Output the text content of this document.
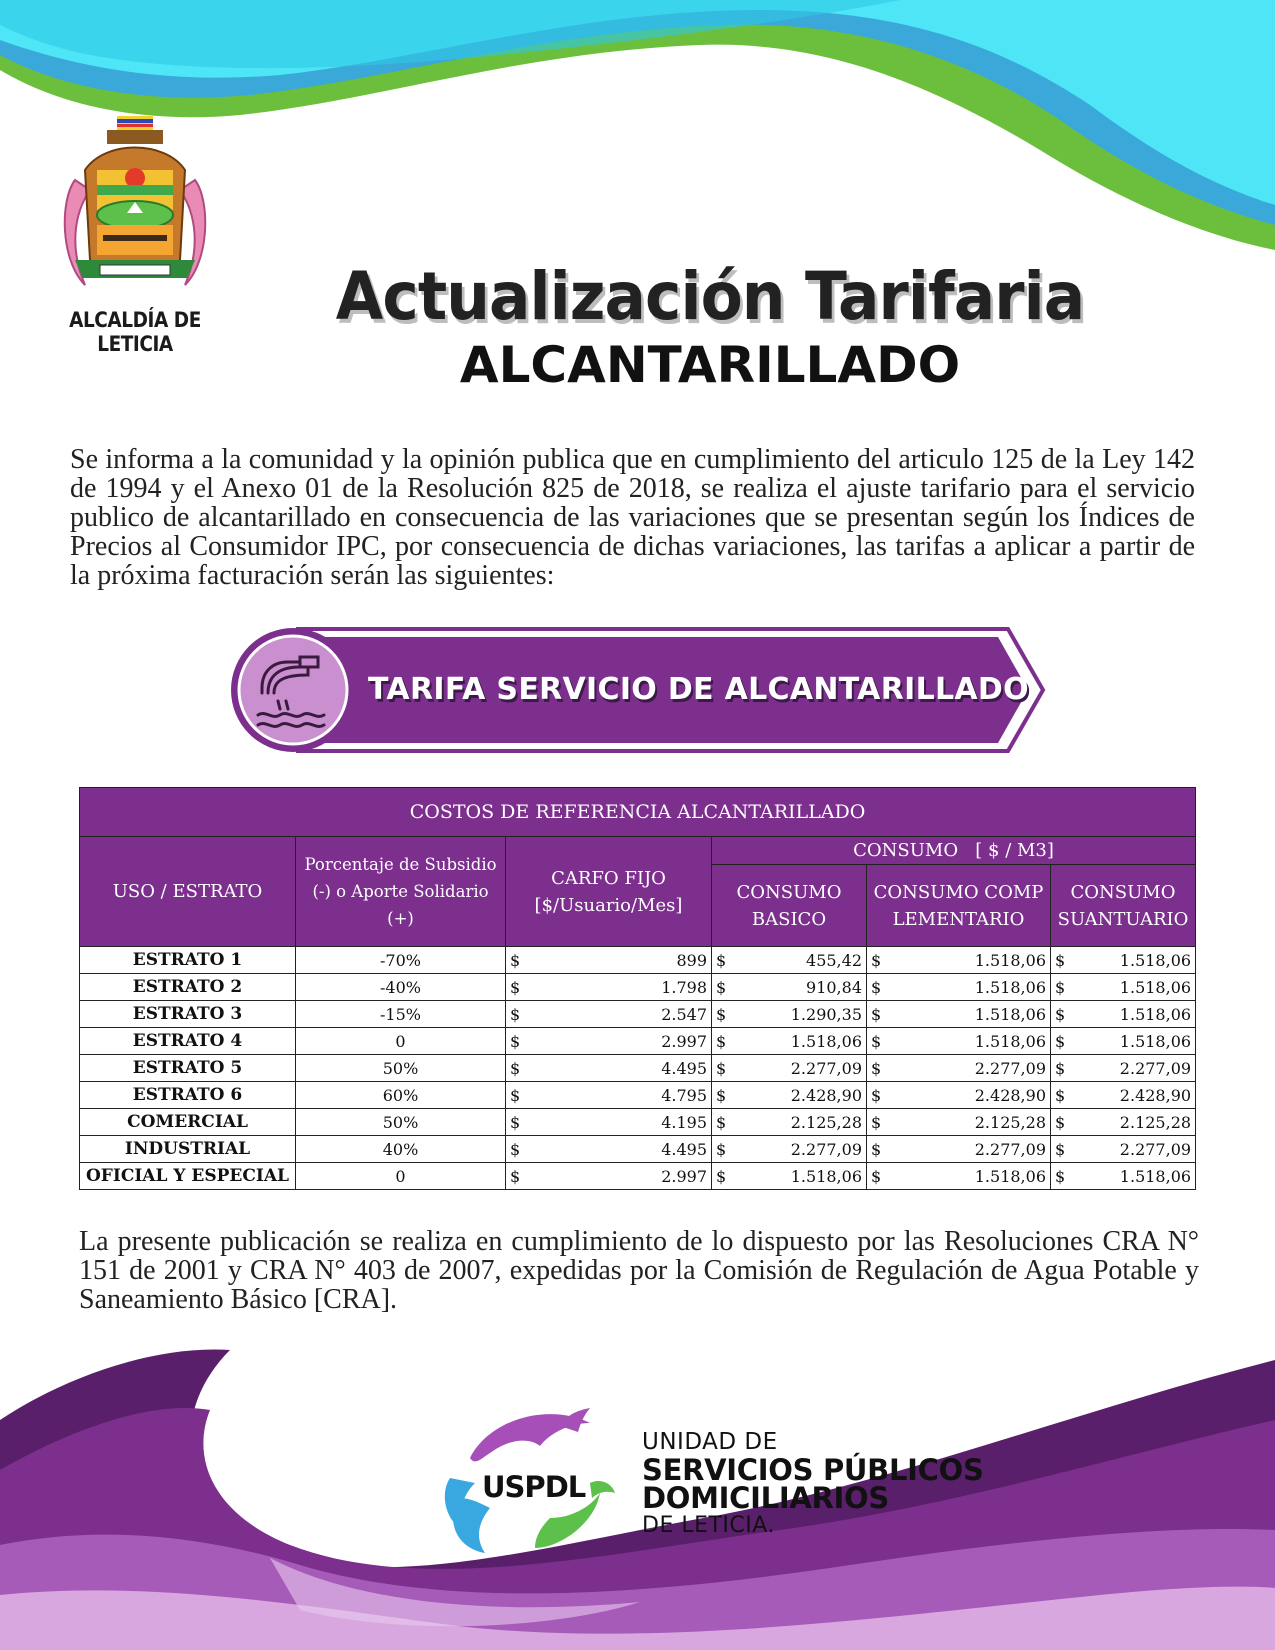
ALCALDÍA DE LETICIA
Actualización Tarifaria
ALCANTARILLADO
Se informa a la comunidad y la opinión publica que en cumplimiento del articulo 125 de la Ley 142 de 1994 y el Anexo 01 de la Resolución 825 de 2018, se realiza el ajuste tarifario para el servicio publico de alcantarillado en consecuencia de las variaciones que se presentan según los Índices de Precios al Consumidor IPC, por consecuencia de dichas variaciones, las tarifas a aplicar a partir de la próxima facturación serán las siguientes:
TARIFA SERVICIO DE ALCANTARILLADO
COSTOS DE REFERENCIA ALCANTARILLADO					
USO / ESTRATO	Porcentaje de Subsidio (-) o Aporte Solidario (+)	CARFO FIJO [$/Usuario/Mes]	CONSUMO   [ $ / M3]		
			CONSUMO BASICO	CONSUMO COMPLEMENTARIO	CONSUMO SUANTUARIO
ESTRATO 1	-70%	$ 899	$ 455,42	$ 1.518,06	$ 1.518,06

ESTRATO 2	-40%	$ 1.798	$ 910,84	$ 1.518,06	$ 1.518,06

ESTRATO 3	-15%	$ 2.547	$ 1.290,35	$ 1.518,06	$ 1.518,06

ESTRATO 4	0	$ 2.997	$ 1.518,06	$ 1.518,06	$ 1.518,06

ESTRATO 5	50%	$ 4.495	$ 2.277,09	$ 2.277,09	$ 2.277,09

ESTRATO 6	60%	$ 4.795	$ 2.428,90	$ 2.428,90	$ 2.428,90

COMERCIAL	50%	$ 4.195	$ 2.125,28	$ 2.125,28	$ 2.125,28

INDUSTRIAL	40%	$ 4.495	$ 2.277,09	$ 2.277,09	$ 2.277,09

OFICIAL Y ESPECIAL	0	$ 2.997	$ 1.518,06	$ 1.518,06	$ 1.518,06
La presente publicación se realiza en cumplimiento de lo dispuesto por las Resoluciones CRA N° 151 de 2001 y CRA N° 403 de 2007, expedidas por la Comisión de Regulación de Agua Potable y Saneamiento Básico [CRA].
USPDL
UNIDAD DE
SERVICIOS PÚBLICOS
DOMICILIARIOS
DE LETICIA.
